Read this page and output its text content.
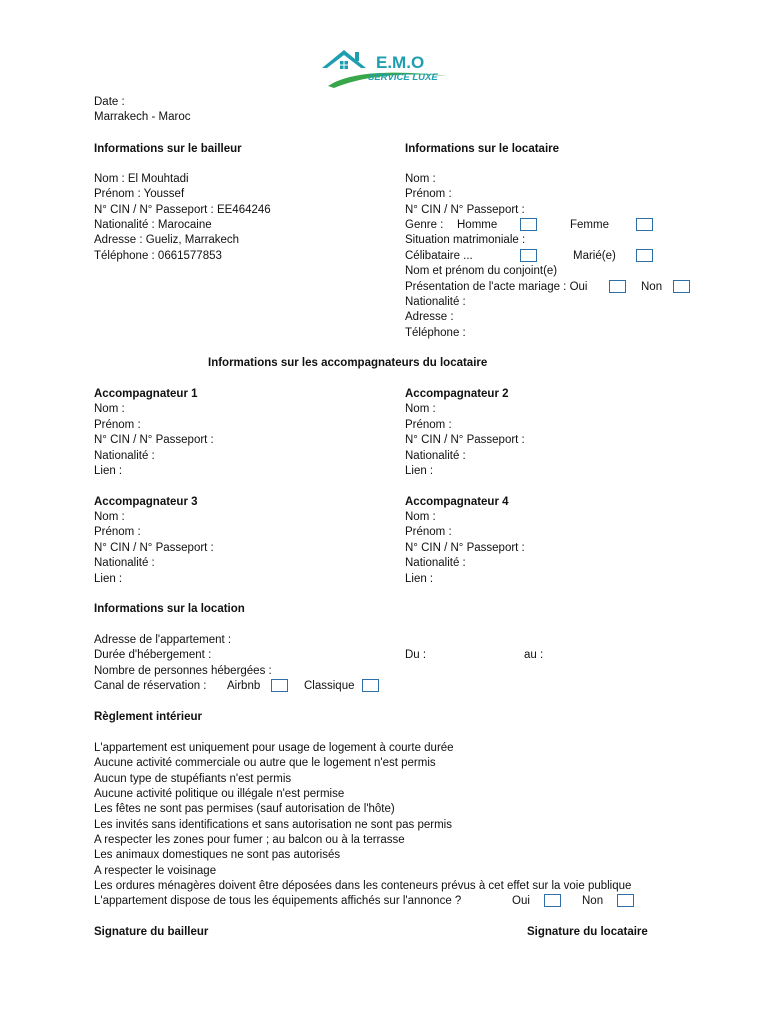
E.M.O
SERVICE LUXE
Date :
Marrakech - Maroc
Informations sur le bailleur
Nom : El Mouhtadi
Prénom : Youssef
N° CIN / N° Passeport : EE464246
Nationalité : Marocaine
Adresse : Gueliz, Marrakech
Téléphone : 0661577853
Informations sur le locataire
Nom :
Prénom :
N° CIN / N° Passeport :
Genre : Homme	Femme
Situation matrimoniale :
Célibataire ...	Marié(e)
Nom et prénom du conjoint(e)
Présentation de l'acte mariage : Oui	Non
Nationalité :
Adresse :
Téléphone :
Informations sur les accompagnateurs du locataire
Accompagnateur 1
Nom :
Prénom :
N° CIN / N° Passeport :
Nationalité :
Lien :
Accompagnateur 2
Nom :
Prénom :
N° CIN / N° Passeport :
Nationalité :
Lien :
Accompagnateur 3
Nom :
Prénom :
N° CIN / N° Passeport :
Nationalité :
Lien :
Accompagnateur 4
Nom :
Prénom :
N° CIN / N° Passeport :
Nationalité :
Lien :
Informations sur la location
Adresse de l'appartement :
Durée d'hébergement :	Du :	au :
Nombre de personnes hébergées :
Canal de réservation : Airbnb	Classique
Règlement intérieur
L'appartement est uniquement pour usage de logement à courte durée
Aucune activité commerciale ou autre que le logement n'est permis
Aucun type de stupéfiants n'est permis
Aucune activité politique ou illégale n'est permise
Les fêtes ne sont pas permises (sauf autorisation de l'hôte)
Les invités sans identifications et sans autorisation ne sont pas permis
A respecter les zones pour fumer ; au balcon ou à la terrasse
Les animaux domestiques ne sont pas autorisés
A respecter le voisinage
Les ordures ménagères doivent être déposées dans les conteneurs prévus à cet effet sur la voie publique
L'appartement dispose de tous les équipements affichés sur l'annonce ?	Oui	Non
Signature du bailleur	Signature du locataire
